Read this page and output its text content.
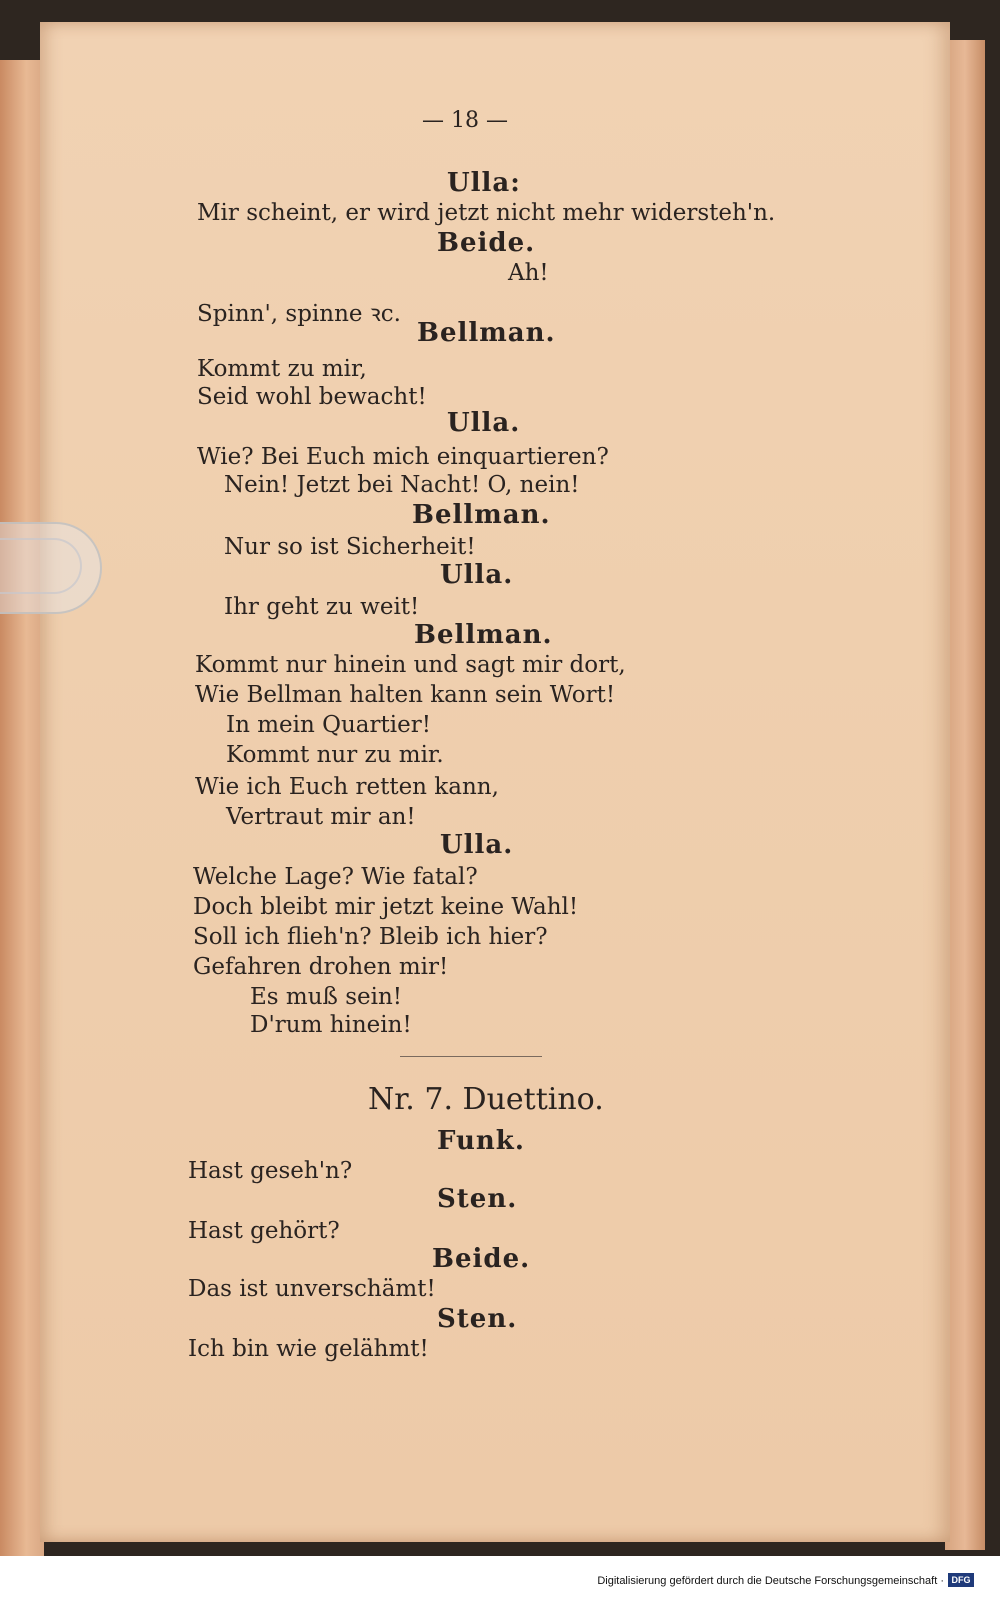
— 18 —
Ulla:
Mir scheint, er wird jetzt nicht mehr widersteh'n.
Beide.
Ah!
Spinn', spinne ꝛc.
Bellman.
Kommt zu mir,
Seid wohl bewacht!
Ulla.
Wie? Bei Euch mich einquartieren?
Nein! Jetzt bei Nacht! O, nein!
Bellman.
Nur so ist Sicherheit!
Ulla.
Ihr geht zu weit!
Bellman.
Kommt nur hinein und sagt mir dort,
Wie Bellman halten kann sein Wort!
In mein Quartier!
Kommt nur zu mir.
Wie ich Euch retten kann,
Vertraut mir an!
Ulla.
Welche Lage? Wie fatal?
Doch bleibt mir jetzt keine Wahl!
Soll ich flieh'n? Bleib ich hier?
Gefahren drohen mir!
Es muß sein!
D'rum hinein!
Nr. 7. Duettino.
Funk.
Hast geseh'n?
Sten.
Hast gehört?
Beide.
Das ist unverschämt!
Sten.
Ich bin wie gelähmt!
Digitalisierung gefördert durch die Deutsche Forschungsgemeinschaft · DFG
